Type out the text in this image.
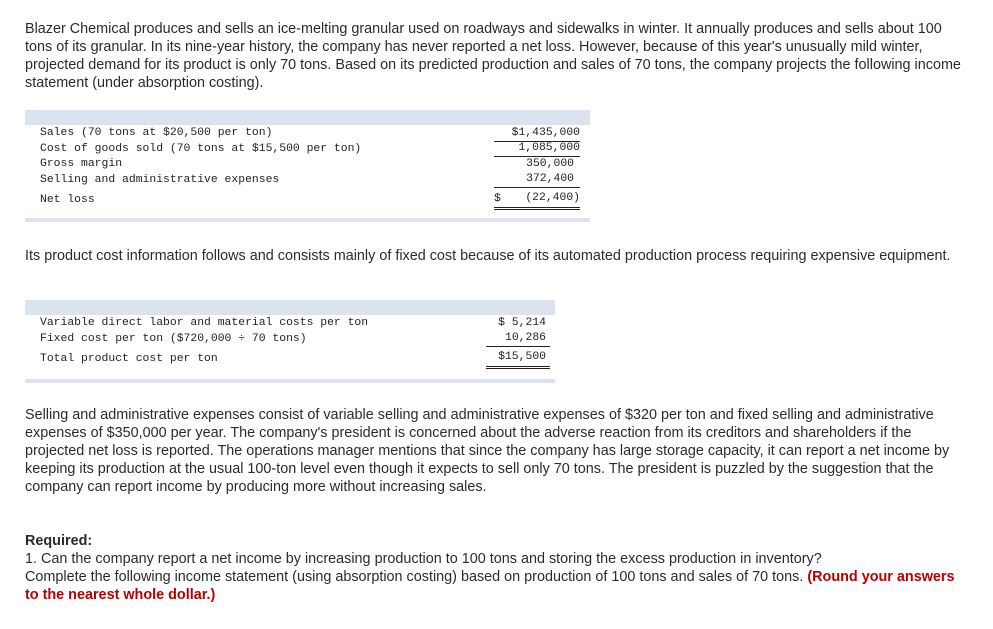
Blazer Chemical produces and sells an ice-melting granular used on roadways and sidewalks in winter. It annually produces and sells about 100 tons of its granular. In its nine-year history, the company has never reported a net loss. However, because of this year's unusually mild winter, projected demand for its product is only 70 tons. Based on its predicted production and sales of 70 tons, the company projects the following income statement (under absorption costing).

Sales (70 tons at $20,500 per ton)	$1,435,000
Cost of goods sold (70 tons at $15,500 per ton)	1,085,000
Gross margin	350,000
Selling and administrative expenses	372,400
Net loss	$	(22,400)

Its product cost information follows and consists mainly of fixed cost because of its automated production process requiring expensive equipment.

Variable direct labor and material costs per ton	$ 5,214
Fixed cost per ton ($720,000 ÷ 70 tons)	10,286
Total product cost per ton	$15,500

Selling and administrative expenses consist of variable selling and administrative expenses of $320 per ton and fixed selling and administrative expenses of $350,000 per year. The company's president is concerned about the adverse reaction from its creditors and shareholders if the projected net loss is reported. The operations manager mentions that since the company has large storage capacity, it can report a net income by keeping its production at the usual 100-ton level even though it expects to sell only 70 tons. The president is puzzled by the suggestion that the company can report income by producing more without increasing sales.

Required:

1. Can the company report a net income by increasing production to 100 tons and storing the excess production in inventory?

Complete the following income statement (using absorption costing) based on production of 100 tons and sales of 70 tons. (Round your answers to the nearest whole dollar.)
